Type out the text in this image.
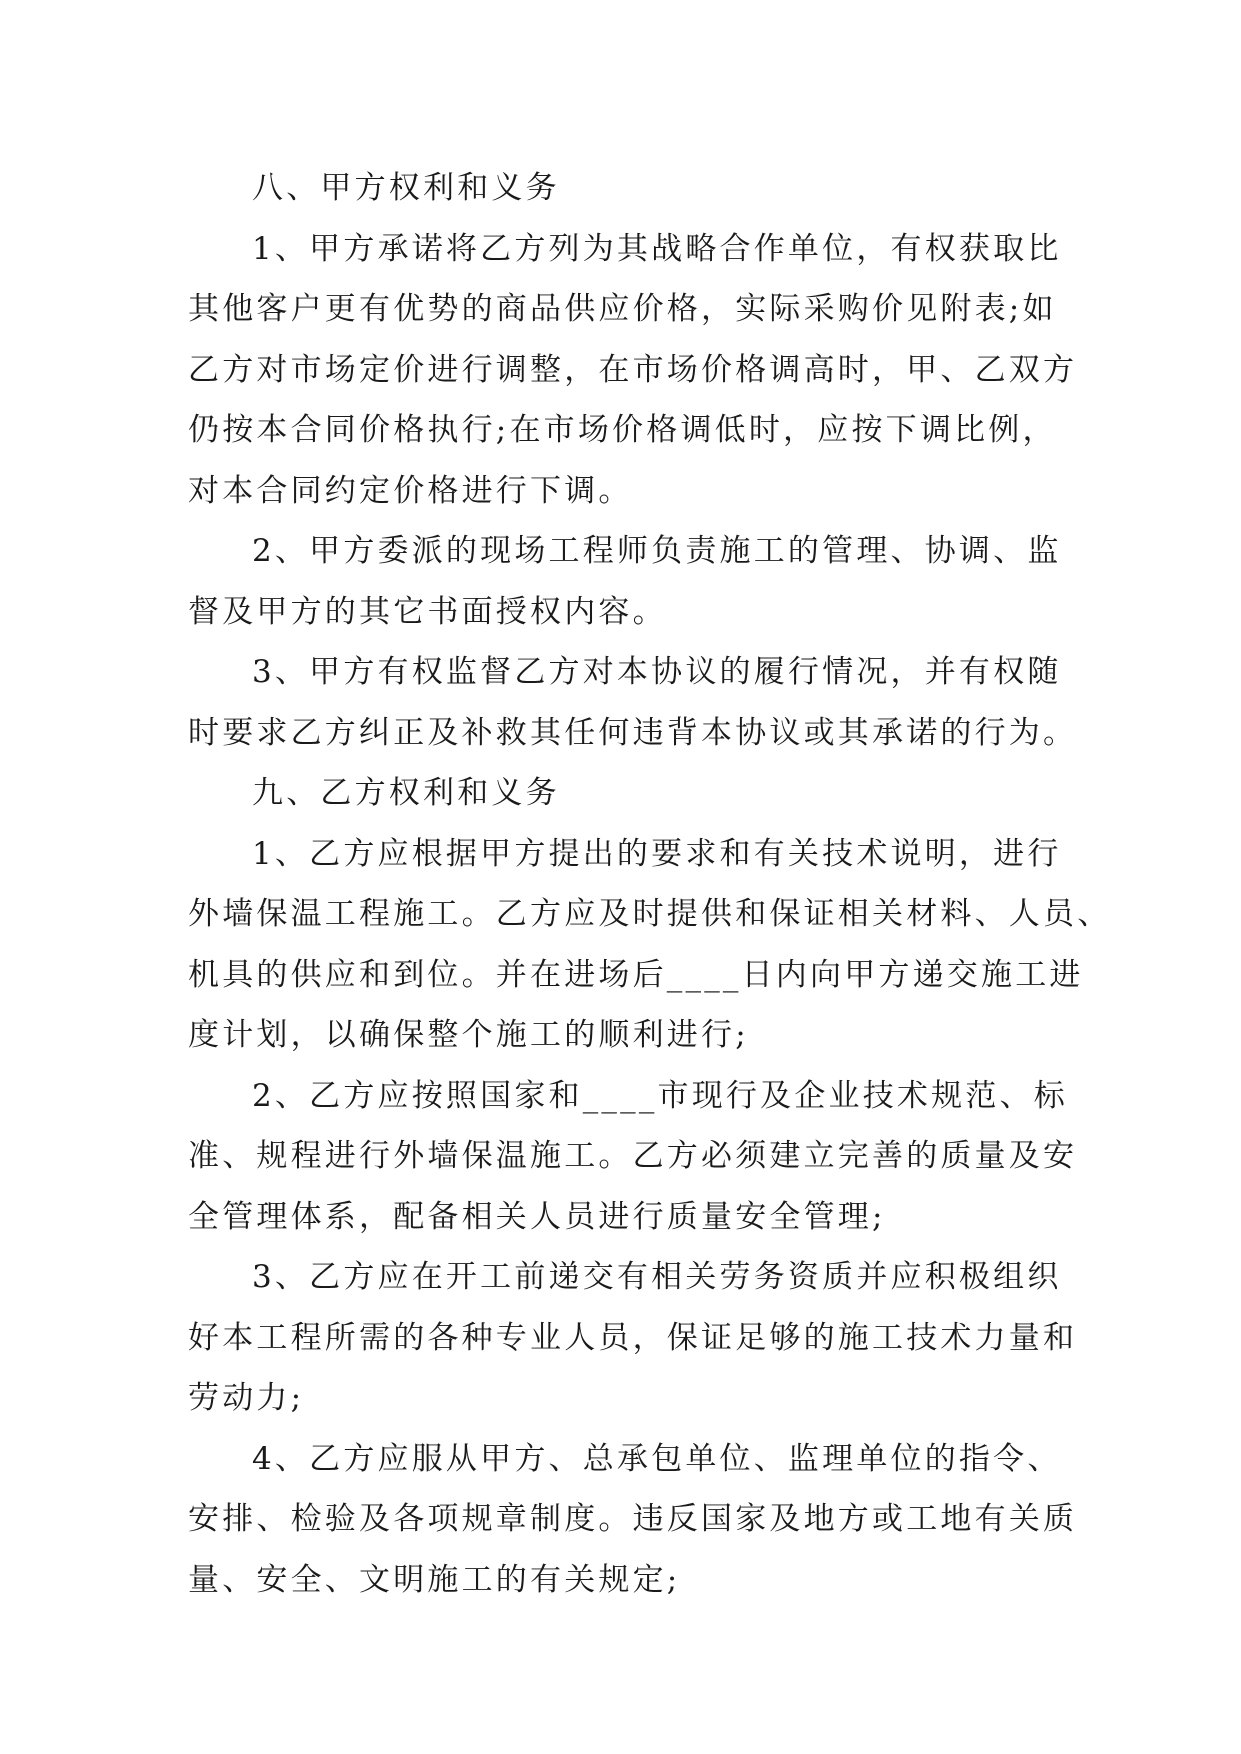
八、甲方权利和义务
1、甲方承诺将乙方列为其战略合作单位，有权获取比
其他客户更有优势的商品供应价格，实际采购价见附表;如
乙方对市场定价进行调整，在市场价格调高时，甲、乙双方
仍按本合同价格执行;在市场价格调低时，应按下调比例，
对本合同约定价格进行下调。
2、甲方委派的现场工程师负责施工的管理、协调、监
督及甲方的其它书面授权内容。
3、甲方有权监督乙方对本协议的履行情况，并有权随
时要求乙方纠正及补救其任何违背本协议或其承诺的行为。
九、乙方权利和义务
1、乙方应根据甲方提出的要求和有关技术说明，进行
外墙保温工程施工。乙方应及时提供和保证相关材料、人员、
机具的供应和到位。并在进场后____日内向甲方递交施工进
度计划，以确保整个施工的顺利进行;
2、乙方应按照国家和____市现行及企业技术规范、标
准、规程进行外墙保温施工。乙方必须建立完善的质量及安
全管理体系，配备相关人员进行质量安全管理;
3、乙方应在开工前递交有相关劳务资质并应积极组织
好本工程所需的各种专业人员，保证足够的施工技术力量和
劳动力;
4、乙方应服从甲方、总承包单位、监理单位的指令、
安排、检验及各项规章制度。违反国家及地方或工地有关质
量、安全、文明施工的有关规定;
